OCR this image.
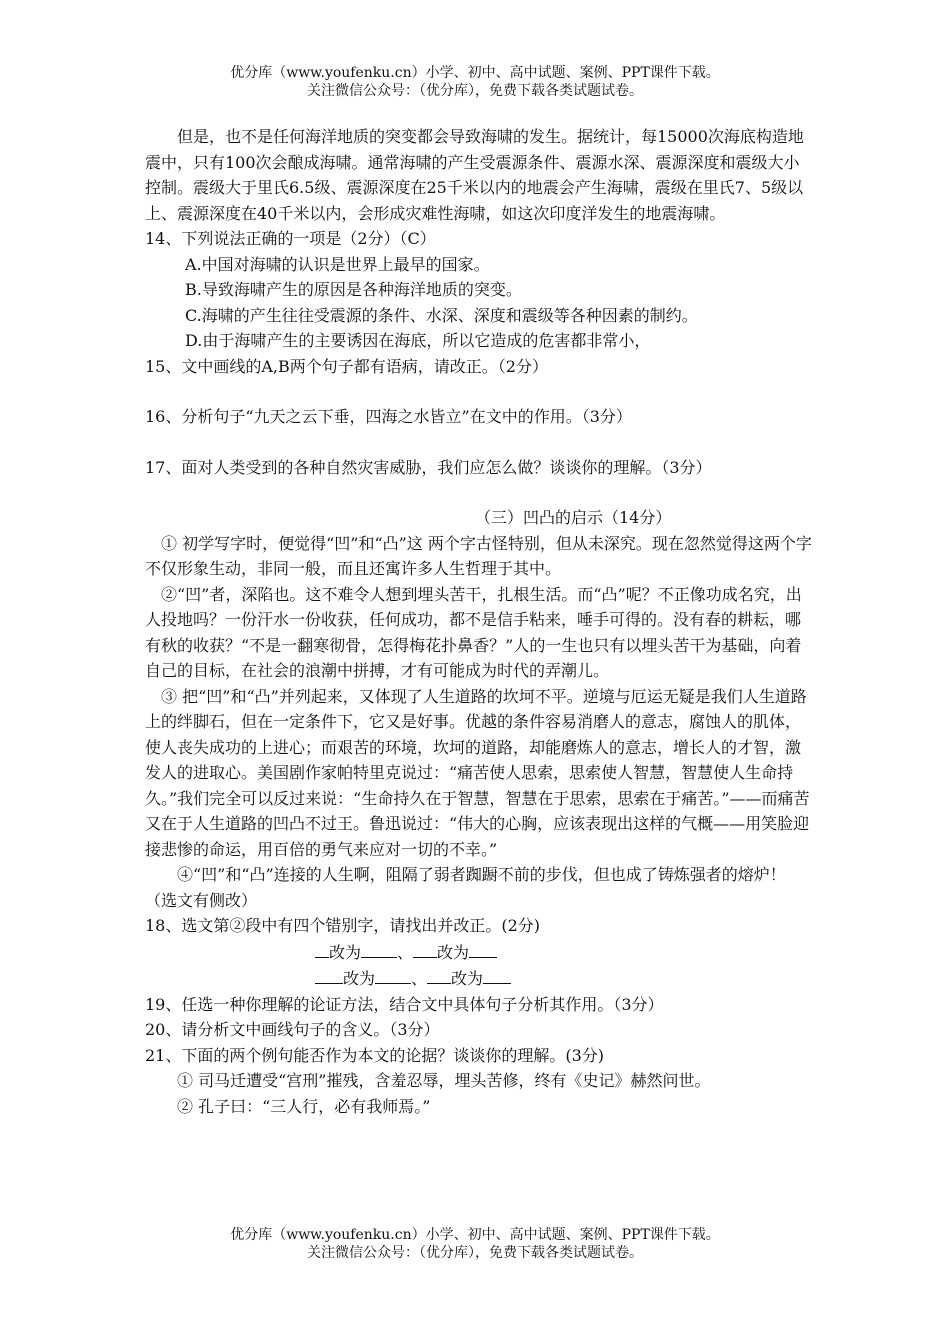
优分库（www.youfenku.cn）小学、初中、高中试题、案例、PPT课件下载。
关注微信公众号：（优分库），免费下载各类试题试卷。

但是，也不是任何海洋地质的突变都会导致海啸的发生。据统计，每15000次海底构造地震中，只有100次会酿成海啸。通常海啸的产生受震源条件、震源水深、震源深度和震级大小控制。震级大于里氏6.5级、震源深度在25千米以内的地震会产生海啸，震级在里氏7、5级以上、震源深度在40千米以内，会形成灾难性海啸，如这次印度洋发生的地震海啸。

14、下列说法正确的一项是（2分）（C）

A.中国对海啸的认识是世界上最早的国家。

B.导致海啸产生的原因是各种海洋地质的突变。

C.海啸的产生往往受震源的条件、水深、深度和震级等各种因素的制约。

D.由于海啸产生的主要诱因在海底，所以它造成的危害都非常小，

15、文中画线的A,B两个句子都有语病，请改正。（2分）

16、分析句子“九天之云下垂，四海之水皆立”在文中的作用。（3分）

17、面对人类受到的各种自然灾害威胁，我们应怎么做？谈谈你的理解。（3分）

（三）凹凸的启示（14分）

① 初学写字时，便觉得“凹”和“凸”这 两个字古怪特别，但从未深究。现在忽然觉得这两个字不仅形象生动，非同一般，而且还寓许多人生哲理于其中。

②“凹”者，深陷也。这不难令人想到埋头苦干，扎根生活。而“凸”呢？不正像功成名究，出人投地吗？一份汗水一份收获，任何成功，都不是信手粘来，唾手可得的。没有春的耕耘，哪有秋的收获？“不是一翻寒彻骨，怎得梅花扑鼻香？”人的一生也只有以埋头苦干为基础，向着自己的目标，在社会的浪潮中拼搏，才有可能成为时代的弄潮儿。

③ 把“凹”和“凸”并列起来，又体现了人生道路的坎坷不平。逆境与厄运无疑是我们人生道路上的绊脚石，但在一定条件下，它又是好事。优越的条件容易消磨人的意志，腐蚀人的肌体，使人丧失成功的上进心；而艰苦的环境，坎坷的道路，却能磨炼人的意志，增长人的才智，激发人的进取心。美国剧作家帕特里克说过：“痛苦使人思索，思索使人智慧，智慧使人生命持久。”我们完全可以反过来说：“生命持久在于智慧，智慧在于思索，思索在于痛苦。”——而痛苦又在于人生道路的凹凸不过王。鲁迅说过：“伟大的心胸，应该表现出这样的气概——用笑脸迎接悲惨的命运，用百倍的勇气来应对一切的不幸。”

④“凹”和“凸”连接的人生啊，阻隔了弱者踟蹰不前的步伐，但也成了铸炼强者的熔炉！（选文有侧改）

18、选文第②段中有四个错别字，请找出并改正。(2分)

改为 、 改为

改为 、 改为

19、任选一种你理解的论证方法，结合文中具体句子分析其作用。（3分）

20、请分析文中画线句子的含义。（3分）

21、下面的两个例句能否作为本文的论据？谈谈你的理解。(3分)

① 司马迁遭受“宫刑”摧残，含羞忍辱，埋头苦修，终有《史记》赫然问世。

② 孔子曰：“三人行，必有我师焉。”

优分库（www.youfenku.cn）小学、初中、高中试题、案例、PPT课件下载。
关注微信公众号：（优分库），免费下载各类试题试卷。
